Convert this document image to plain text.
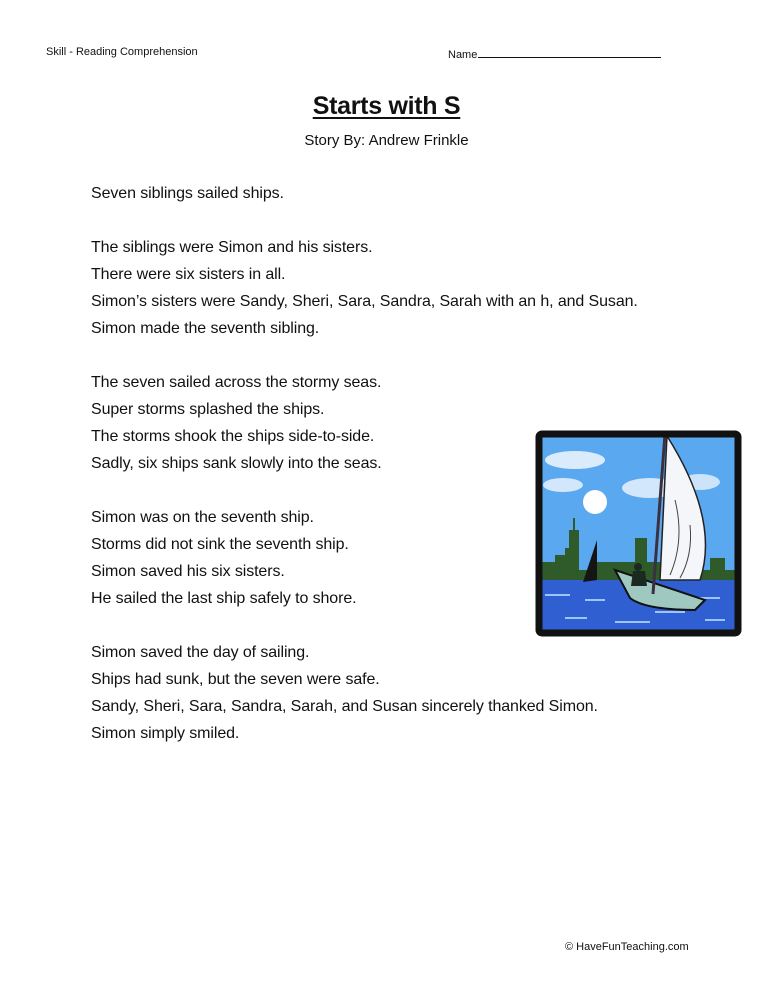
Skill - Reading Comprehension	Name
Starts with S
Story By: Andrew Frinkle
Seven siblings sailed ships.
The siblings were Simon and his sisters.
There were six sisters in all.
Simon’s sisters were Sandy, Sheri, Sara, Sandra, Sarah with an h, and Susan.
Simon made the seventh sibling.
The seven sailed across the stormy seas.
Super storms splashed the ships.
The storms shook the ships side-to-side.
Sadly, six ships sank slowly into the seas.
Simon was on the seventh ship.
Storms did not sink the seventh ship.
Simon saved his six sisters.
He sailed the last ship safely to shore.
Simon saved the day of sailing.
Ships had sunk, but the seven were safe.
Sandy, Sheri, Sara, Sandra, Sarah, and Susan sincerely thanked Simon.
Simon simply smiled.
© HaveFunTeaching.com
